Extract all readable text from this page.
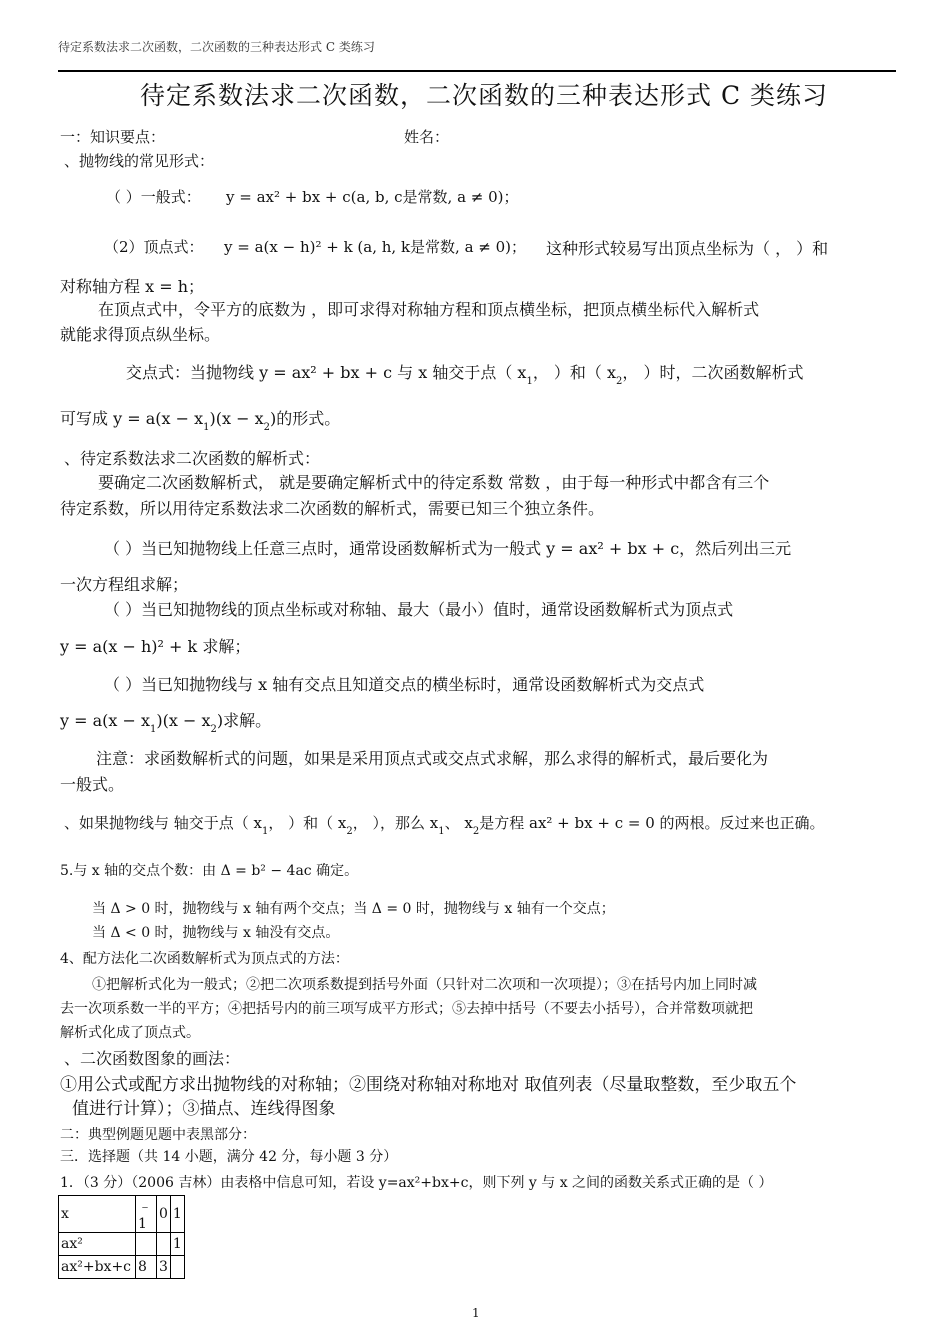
待定系数法求二次函数，二次函数的三种表达形式 C 类练习
待定系数法求二次函数，二次函数的三种表达形式 C 类练习
一：知识要点：	姓名：
、抛物线的常见形式：
（ ）一般式： y = ax² + bx + c(a, b, c是常数, a ≠ 0)；
（2）顶点式： y = a(x − h)² + k (a, h, k是常数, a ≠ 0)； 这种形式较易写出顶点坐标为（ ， ）和
对称轴方程 x = h；
在顶点式中，令平方的底数为 ，即可求得对称轴方程和顶点横坐标，把顶点横坐标代入解析式
就能求得顶点纵坐标。
交点式：当抛物线 y = ax² + bx + c 与 x 轴交于点（ $x_1$， ）和（ $x_2$， ）时，二次函数解析式
可写成 $y = a(x - x_1)(x - x_2)$的形式。
、待定系数法求二次函数的解析式：
要确定二次函数解析式， 就是要确定解析式中的待定系数 常数 ，由于每一种形式中都含有三个
待定系数，所以用待定系数法求二次函数的解析式，需要已知三个独立条件。
（ ）当已知抛物线上任意三点时，通常设函数解析式为一般式 y = ax² + bx + c，然后列出三元
一次方程组求解；
（ ）当已知抛物线的顶点坐标或对称轴、最大（最小）值时，通常设函数解析式为顶点式
y = a(x − h)² + k 求解；
（ ）当已知抛物线与 x 轴有交点且知道交点的横坐标时，通常设函数解析式为交点式
$y = a(x - x_1)(x - x_2)$求解。
注意：求函数解析式的问题，如果是采用顶点式或交点式求解，那么求得的解析式，最后要化为
一般式。
、如果抛物线与 轴交于点（ $x_1$， ）和（ $x_2$， ），那么 $x_1$、 $x_2$是方程 ax² + bx + c = 0 的两根。反过来也正确。
5.与 x 轴的交点个数：由 Δ = b² − 4ac 确定。
当 Δ > 0 时，抛物线与 x 轴有两个交点；当 Δ = 0 时，抛物线与 x 轴有一个交点；
当 Δ < 0 时，抛物线与 x 轴没有交点。
4、配方法化二次函数解析式为顶点式的方法：
①把解析式化为一般式；②把二次项系数提到括号外面（只针对二次项和一次项提）；③在括号内加上同时减
去一次项系数一半的平方；④把括号内的前三项写成平方形式；⑤去掉中括号（不要去小括号），合并常数项就把
解析式化成了顶点式。
、二次函数图象的画法：
①用公式或配方求出抛物线的对称轴；②围绕对称轴对称地对 取值列表（尽量取整数，至少取五个
值进行计算）；③描点、连线得图象
二：典型例题见题中表黑部分：
三．选择题（共 14 小题，满分 42 分，每小题 3 分）
1．（3 分）（2006 吉林）由表格中信息可知，若设 y=ax²+bx+c，则下列 y 与 x 之间的函数关系式正确的是（ ）
x	﹣1	0	1
ax²			1
ax²+bx+c	8	3	
1
